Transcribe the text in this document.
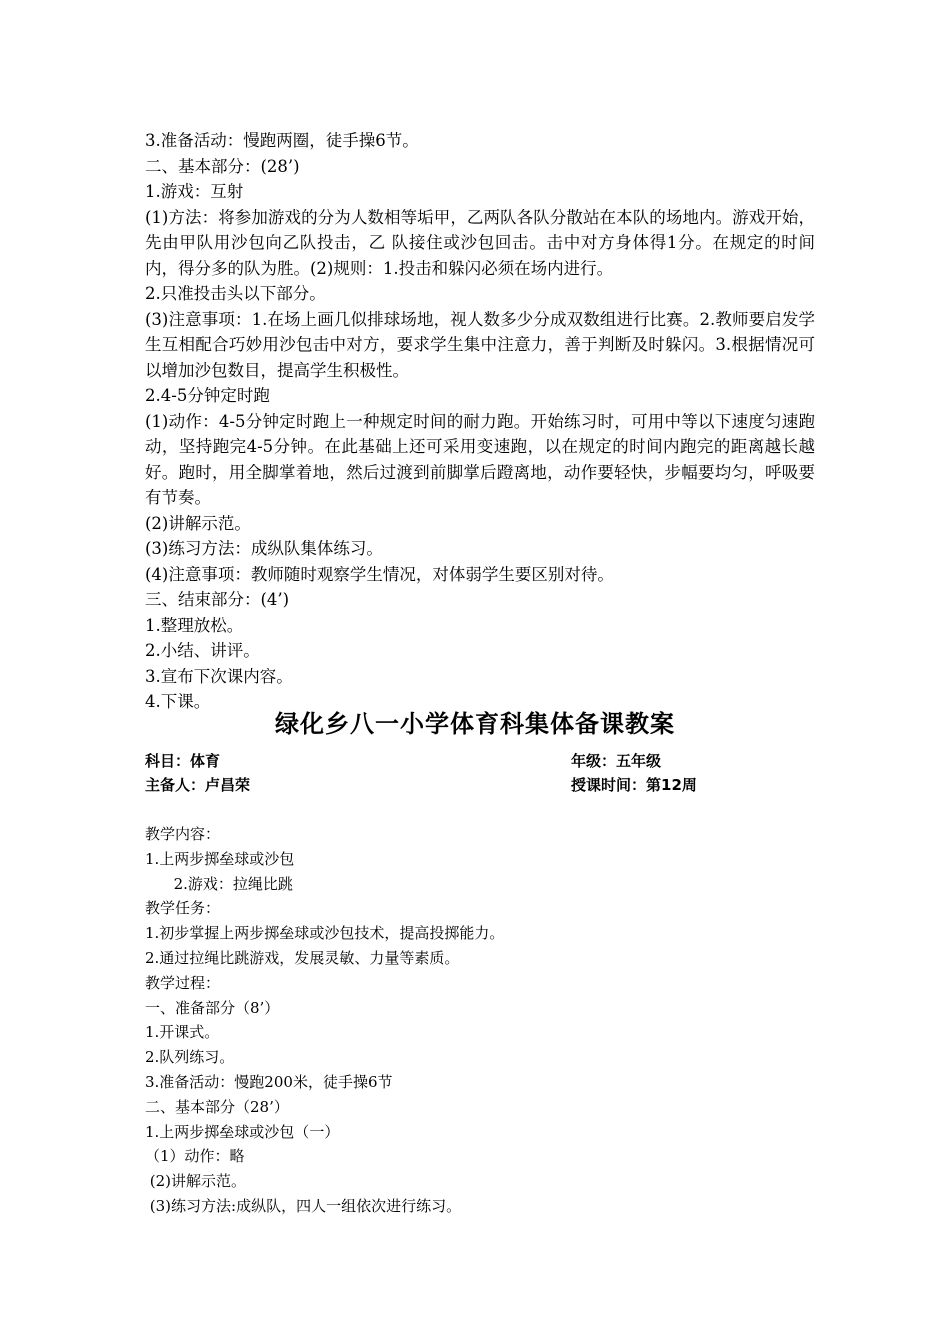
3.准备活动：慢跑两圈，徒手操6节。

二、基本部分：(28’)

1.游戏：互射

(1)方法：将参加游戏的分为人数相等垢甲，乙两队各队分散站在本队的场地内。游戏开始，先由甲队用沙包向乙队投击，乙 队接住或沙包回击。击中对方身体得1分。在规定的时间内，得分多的队为胜。(2)规则：1.投击和躲闪必须在场内进行。

2.只准投击头以下部分。

(3)注意事项：1.在场上画几似排球场地，视人数多少分成双数组进行比赛。2.教师要启发学生互相配合巧妙用沙包击中对方，要求学生集中注意力，善于判断及时躲闪。3.根据情况可以增加沙包数目，提高学生积极性。

2.4-5分钟定时跑

(1)动作：4-5分钟定时跑上一种规定时间的耐力跑。开始练习时，可用中等以下速度匀速跑动，坚持跑完4-5分钟。在此基础上还可采用变速跑，以在规定的时间内跑完的距离越长越好。跑时，用全脚掌着地，然后过渡到前脚掌后蹬离地，动作要轻快，步幅要均匀，呼吸要有节奏。

(2)讲解示范。

(3)练习方法：成纵队集体练习。

(4)注意事项：教师随时观察学生情况，对体弱学生要区别对待。

三、结束部分：(4’)

1.整理放松。

2.小结、讲评。

3.宣布下次课内容。

4.下课。

绿化乡八一小学体育科集体备课教案
科目：体育	年级：五年级
主备人：卢昌荣	授课时间：第12周

教学内容：

1.上两步掷垒球或沙包

2.游戏：拉绳比跳

教学任务：

1.初步掌握上两步掷垒球或沙包技术，提高投掷能力。

2.通过拉绳比跳游戏，发展灵敏、力量等素质。

教学过程：

一、准备部分（8’）

1.开课式。

2.队列练习。

3.准备活动：慢跑200米，徒手操6节

二、基本部分（28’）

1.上两步掷垒球或沙包（一）

（1）动作：略

(2)讲解示范。

(3)练习方法:成纵队，四人一组依次进行练习。
